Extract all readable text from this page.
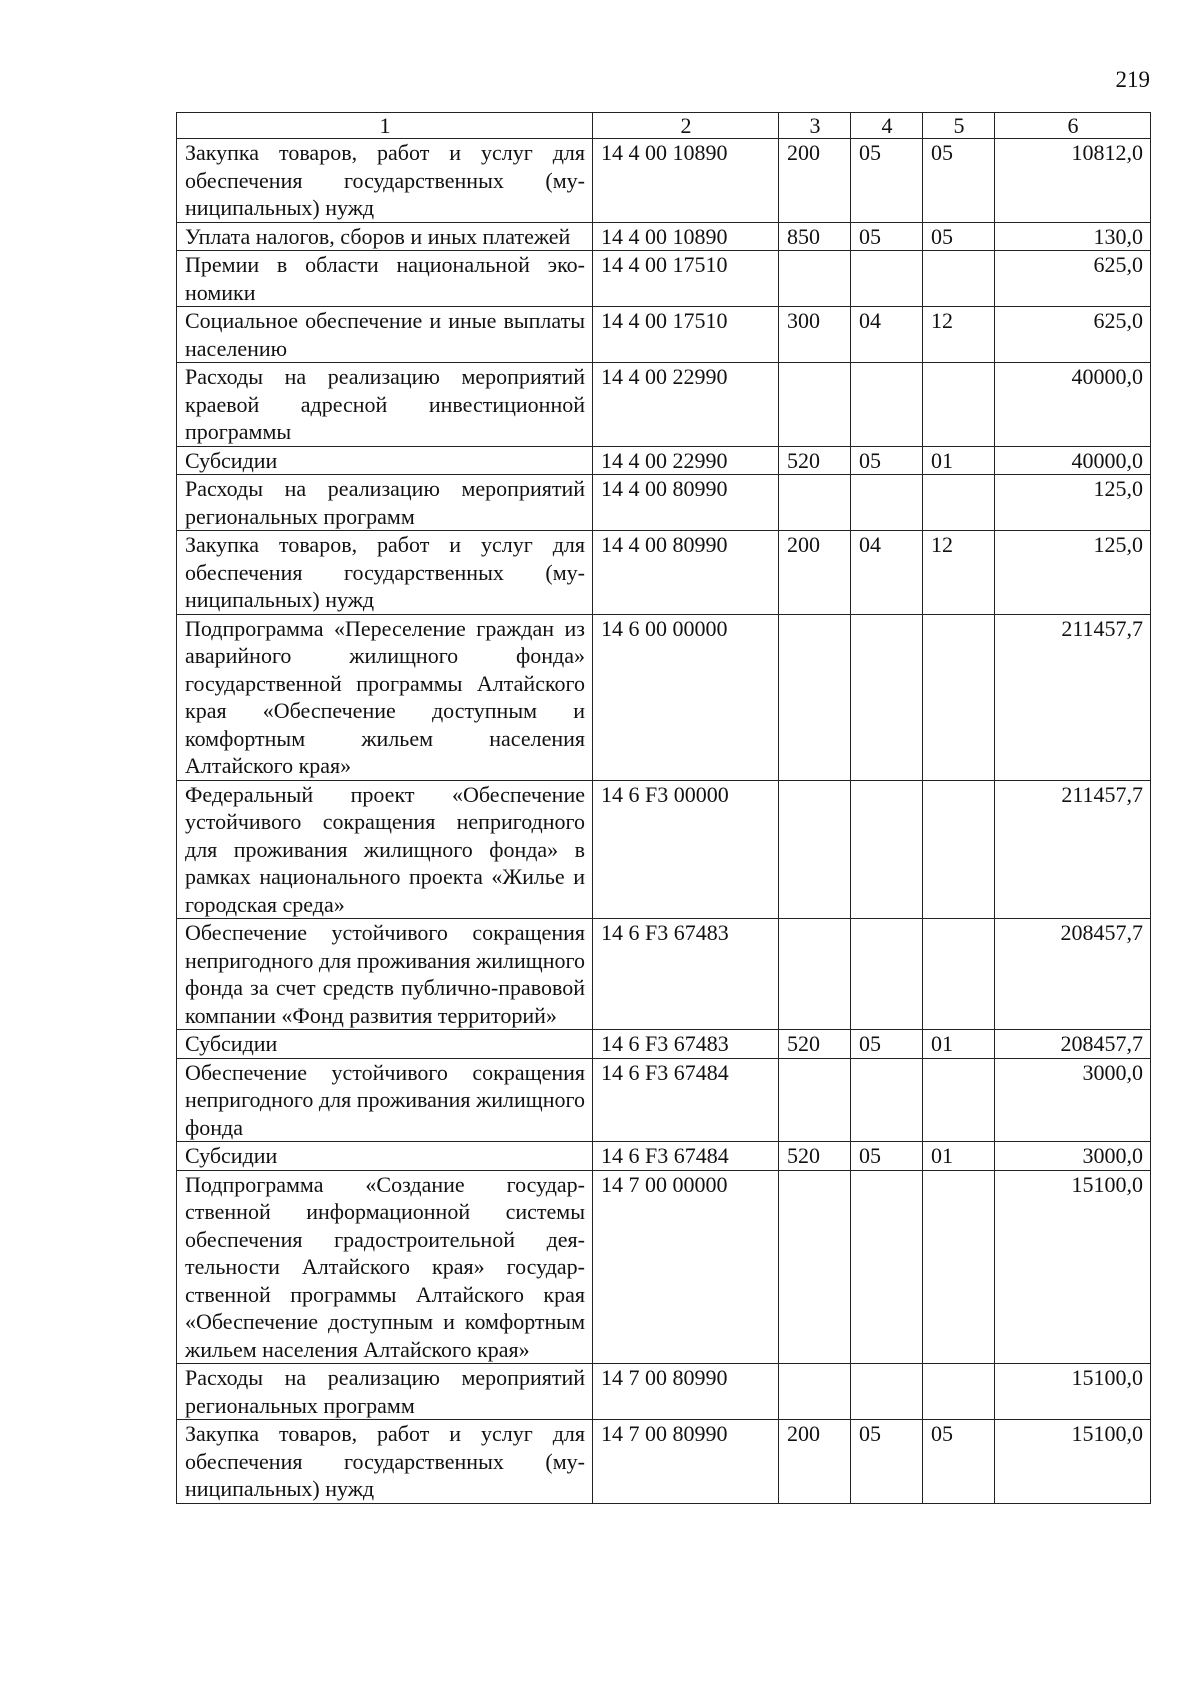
219
1	2	3	4	5	6
Закупка товаров, работ и услуг для обеспечения государственных (муниципальных) нужд	14 4 00 10890	200	05	05	10812,0
Уплата налогов, сборов и иных платежей	14 4 00 10890	850	05	05	130,0
Премии в области национальной экономики	14 4 00 17510				625,0
Социальное обеспечение и иные выплаты населению	14 4 00 17510	300	04	12	625,0
Расходы на реализацию мероприятий краевой адресной инвестиционной программы	14 4 00 22990				40000,0
Субсидии	14 4 00 22990	520	05	01	40000,0
Расходы на реализацию мероприятий региональных программ	14 4 00 80990				125,0
Закупка товаров, работ и услуг для обеспечения государственных (муниципальных) нужд	14 4 00 80990	200	04	12	125,0
Подпрограмма «Переселение граждан из аварийного жилищного фонда» государственной программы Алтайского края «Обеспечение доступным и комфортным жильем населения Алтайского края»	14 6 00 00000				211457,7
Федеральный проект «Обеспечение устойчивого сокращения непригодного для проживания жилищного фонда» в рамках национального проекта «Жилье и городская среда»	14 6 F3 00000				211457,7
Обеспечение устойчивого сокращения непригодного для проживания жилищного фонда за счет средств публично-правовой компании «Фонд развития территорий»	14 6 F3 67483				208457,7
Субсидии	14 6 F3 67483	520	05	01	208457,7
Обеспечение устойчивого сокращения непригодного для проживания жилищного фонда	14 6 F3 67484				3000,0
Субсидии	14 6 F3 67484	520	05	01	3000,0
Подпрограмма «Создание государственной информационной системы обеспечения градостроительной деятельности Алтайского края» государственной программы Алтайского края «Обеспечение доступным и комфортным жильем населения Алтайского края»	14 7 00 00000				15100,0
Расходы на реализацию мероприятий региональных программ	14 7 00 80990				15100,0
Закупка товаров, работ и услуг для обеспечения государственных (муниципальных) нужд	14 7 00 80990	200	05	05	15100,0
